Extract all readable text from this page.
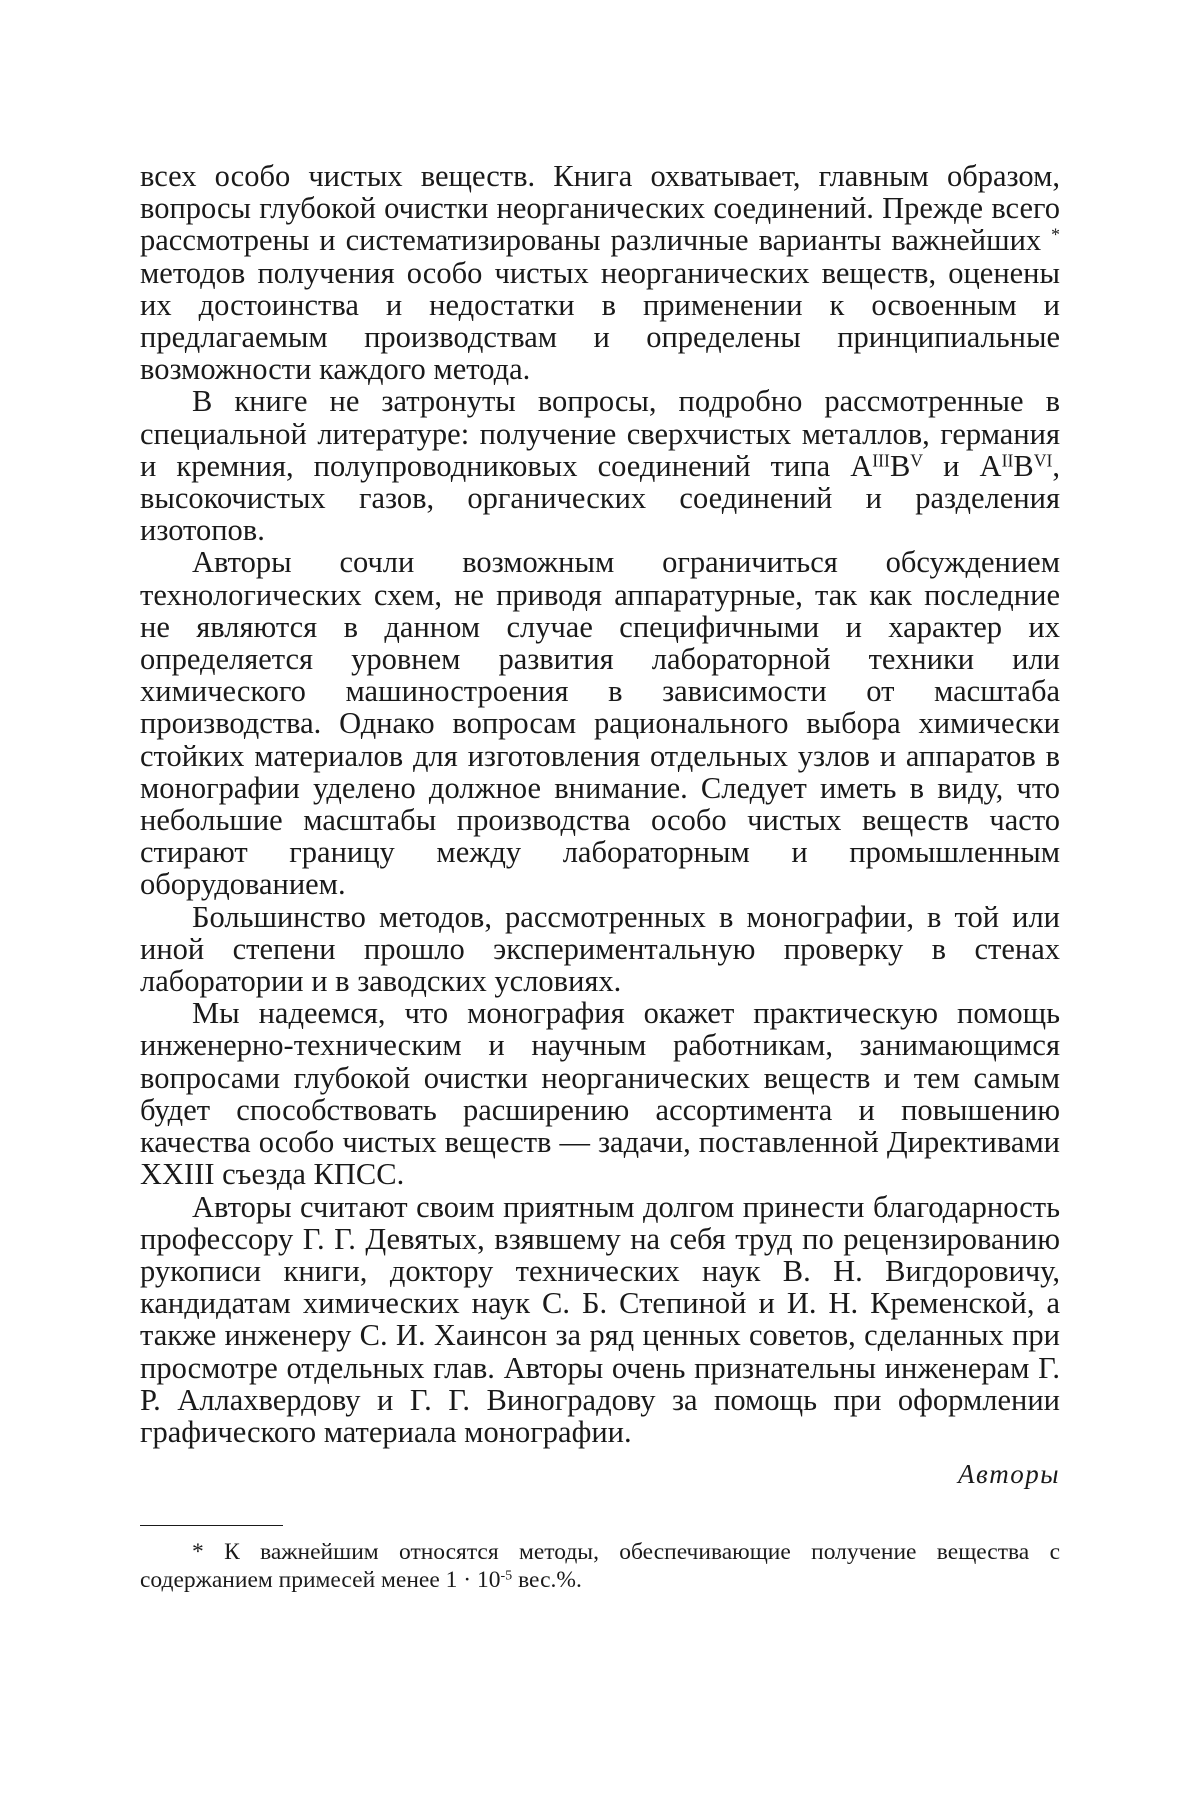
всех особо чистых веществ. Книга охватывает, главным образом, вопросы глубокой очистки неорганических соединений. Прежде всего рассмотрены и систематизированы различные варианты важнейших * методов получения особо чистых неорганических веществ, оценены их достоинства и недостатки в применении к освоенным и предлагаемым производствам и определены принципиальные возможности каждого метода.

В книге не затронуты вопросы, подробно рассмотренные в специальной литературе: получение сверхчистых металлов, германия и кремния, полупроводниковых соединений типа $A^{III}B^V$ и $A^{II}B^{VI}$, высокочистых газов, органических соединений и разделения изотопов.

Авторы сочли возможным ограничиться обсуждением технологических схем, не приводя аппаратурные, так как последние не являются в данном случае специфичными и характер их определяется уровнем развития лабораторной техники или химического машиностроения в зависимости от масштаба производства. Однако вопросам рационального выбора химически стойких материалов для изготовления отдельных узлов и аппаратов в монографии уделено должное внимание. Следует иметь в виду, что небольшие масштабы производства особо чистых веществ часто стирают границу между лабораторным и промышленным оборудованием.

Большинство методов, рассмотренных в монографии, в той или иной степени прошло экспериментальную проверку в стенах лаборатории и в заводских условиях.

Мы надеемся, что монография окажет практическую помощь инженерно-техническим и научным работникам, занимающимся вопросами глубокой очистки неорганических веществ и тем самым будет способствовать расширению ассортимента и повышению качества особо чистых веществ — задачи, поставленной Директивами XXIII съезда КПСС.

Авторы считают своим приятным долгом принести благодарность профессору Г. Г. Девятых, взявшему на себя труд по рецензированию рукописи книги, доктору технических наук В. Н. Вигдоровичу, кандидатам химических наук С. Б. Степиной и И. Н. Кременской, а также инженеру С. И. Хаинсон за ряд ценных советов, сделанных при просмотре отдельных глав. Авторы очень признательны инженерам Г. Р. Аллахвердову и Г. Г. Виноградову за помощь при оформлении графического материала монографии.

Авторы

* К важнейшим относятся методы, обеспечивающие получение вещества с содержанием примесей менее $1 \cdot 10^{-5}$ вес.%.
